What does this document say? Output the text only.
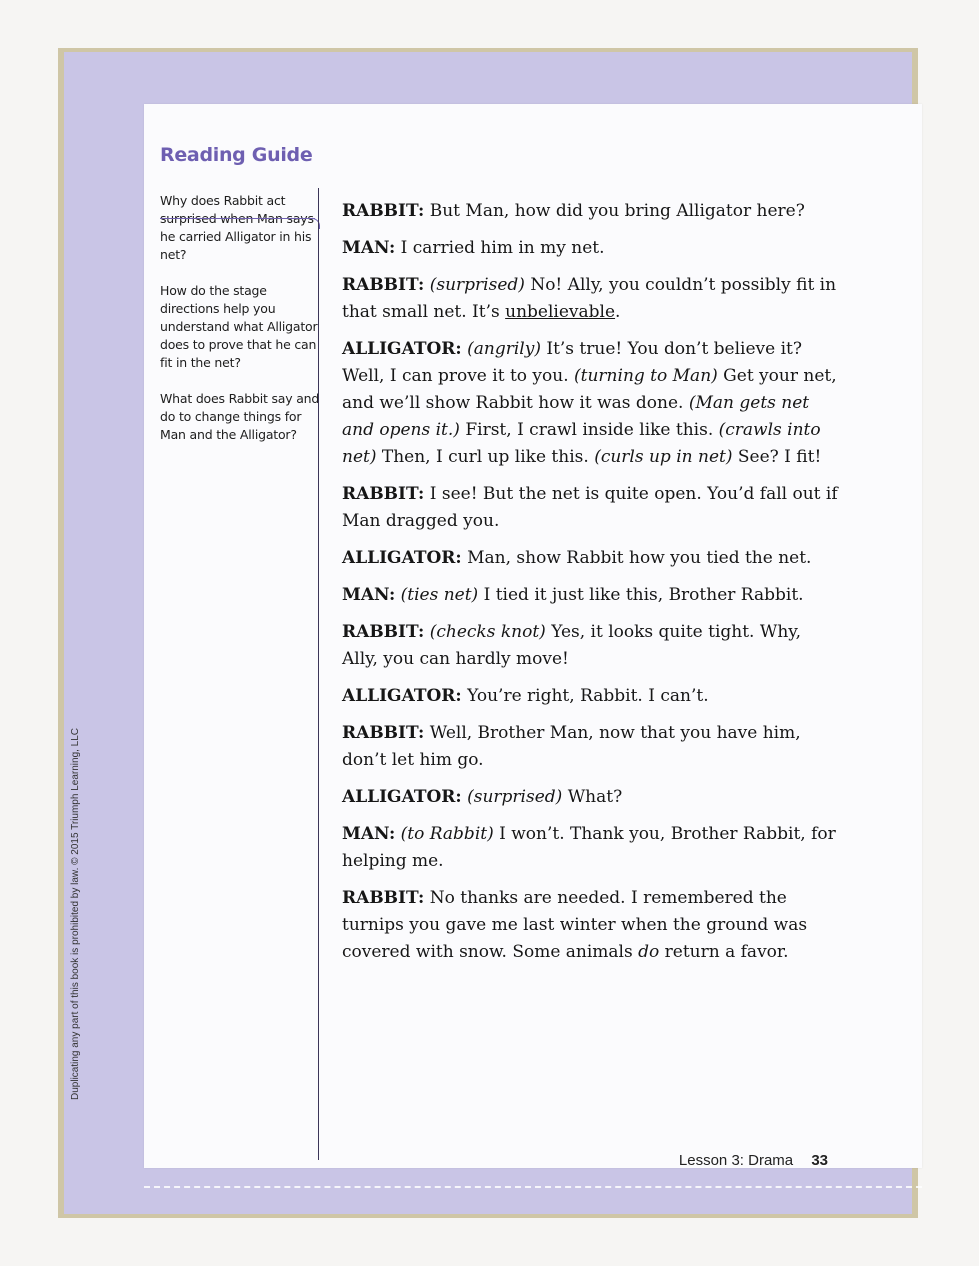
Reading Guide

Why does Rabbit act surprised when Man says he carried Alligator in his net?

How do the stage directions help you understand what Alligator does to prove that he can fit in the net?

What does Rabbit say and do to change things for Man and the Alligator?

RABBIT: But Man, how did you bring Alligator here?

MAN: I carried him in my net.

RABBIT: (surprised) No! Ally, you couldn’t possibly fit in that small net. It’s unbelievable.

ALLIGATOR: (angrily) It’s true! You don’t believe it? Well, I can prove it to you. (turning to Man) Get your net, and we’ll show Rabbit how it was done. (Man gets net and opens it.) First, I crawl inside like this. (crawls into net) Then, I curl up like this. (curls up in net) See? I fit!

RABBIT: I see! But the net is quite open. You’d fall out if Man dragged you.

ALLIGATOR: Man, show Rabbit how you tied the net.

MAN: (ties net) I tied it just like this, Brother Rabbit.

RABBIT: (checks knot) Yes, it looks quite tight. Why, Ally, you can hardly move!

ALLIGATOR: You’re right, Rabbit. I can’t.

RABBIT: Well, Brother Man, now that you have him, don’t let him go.

ALLIGATOR: (surprised) What?

MAN: (to Rabbit) I won’t. Thank you, Brother Rabbit, for helping me.

RABBIT: No thanks are needed. I remembered the turnips you gave me last winter when the ground was covered with snow. Some animals do return a favor.

Lesson 3: Drama 33
Duplicating any part of this book is prohibited by law. © 2015 Triumph Learning, LLC
